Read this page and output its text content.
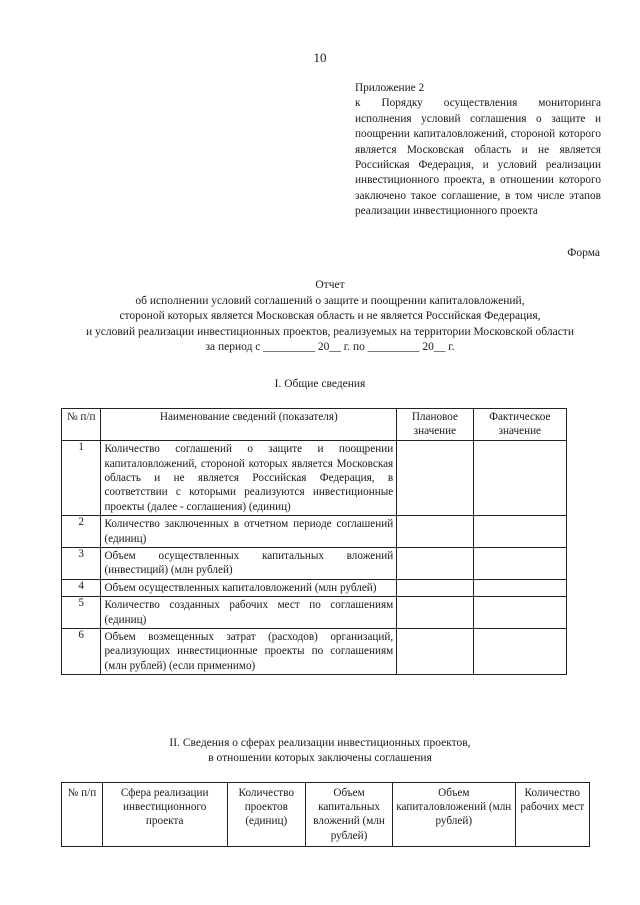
10
Приложение 2
к Порядку осуществления мониторинга исполнения условий соглашения о защите и поощрении капиталовложений, стороной которого является Московская область и не является Российская Федерация, и условий реализации инвестиционного проекта, в отношении которого заключено такое соглашение, в том числе этапов реализации инвестиционного проекта
Форма
Отчет
об исполнении условий соглашений о защите и поощрении капиталовложений,
стороной которых является Московская область и не является Российская Федерация,
и условий реализации инвестиционных проектов, реализуемых на территории Московской области
за период с _________ 20__ г. по _________ 20__ г.
I. Общие сведения
№ п/п	Наименование сведений (показателя)	Плановое значение	Фактическое значение
1	Количество соглашений о защите и поощрении капиталовложений, стороной которых является Московская область и не является Российская Федерация, в соответствии с которыми реализуются инвестиционные проекты (далее - соглашения) (единиц)		
2	Количество заключенных в отчетном периоде соглашений (единиц)		
3	Объем осуществленных капитальных вложений (инвестиций) (млн рублей)		
4	Объем осуществленных капиталовложений (млн рублей)		
5	Количество созданных рабочих мест по соглашениям (единиц)		
6	Объем возмещенных затрат (расходов) организаций, реализующих инвестиционные проекты по соглашениям (млн рублей) (если применимо)		
II. Сведения о сферах реализации инвестиционных проектов,
в отношении которых заключены соглашения
№ п/п	Сфера реализации инвестиционного проекта	Количество проектов (единиц)	Объем капитальных вложений (млн рублей)	Объем капиталовложений (млн рублей)	Количество рабочих мест
